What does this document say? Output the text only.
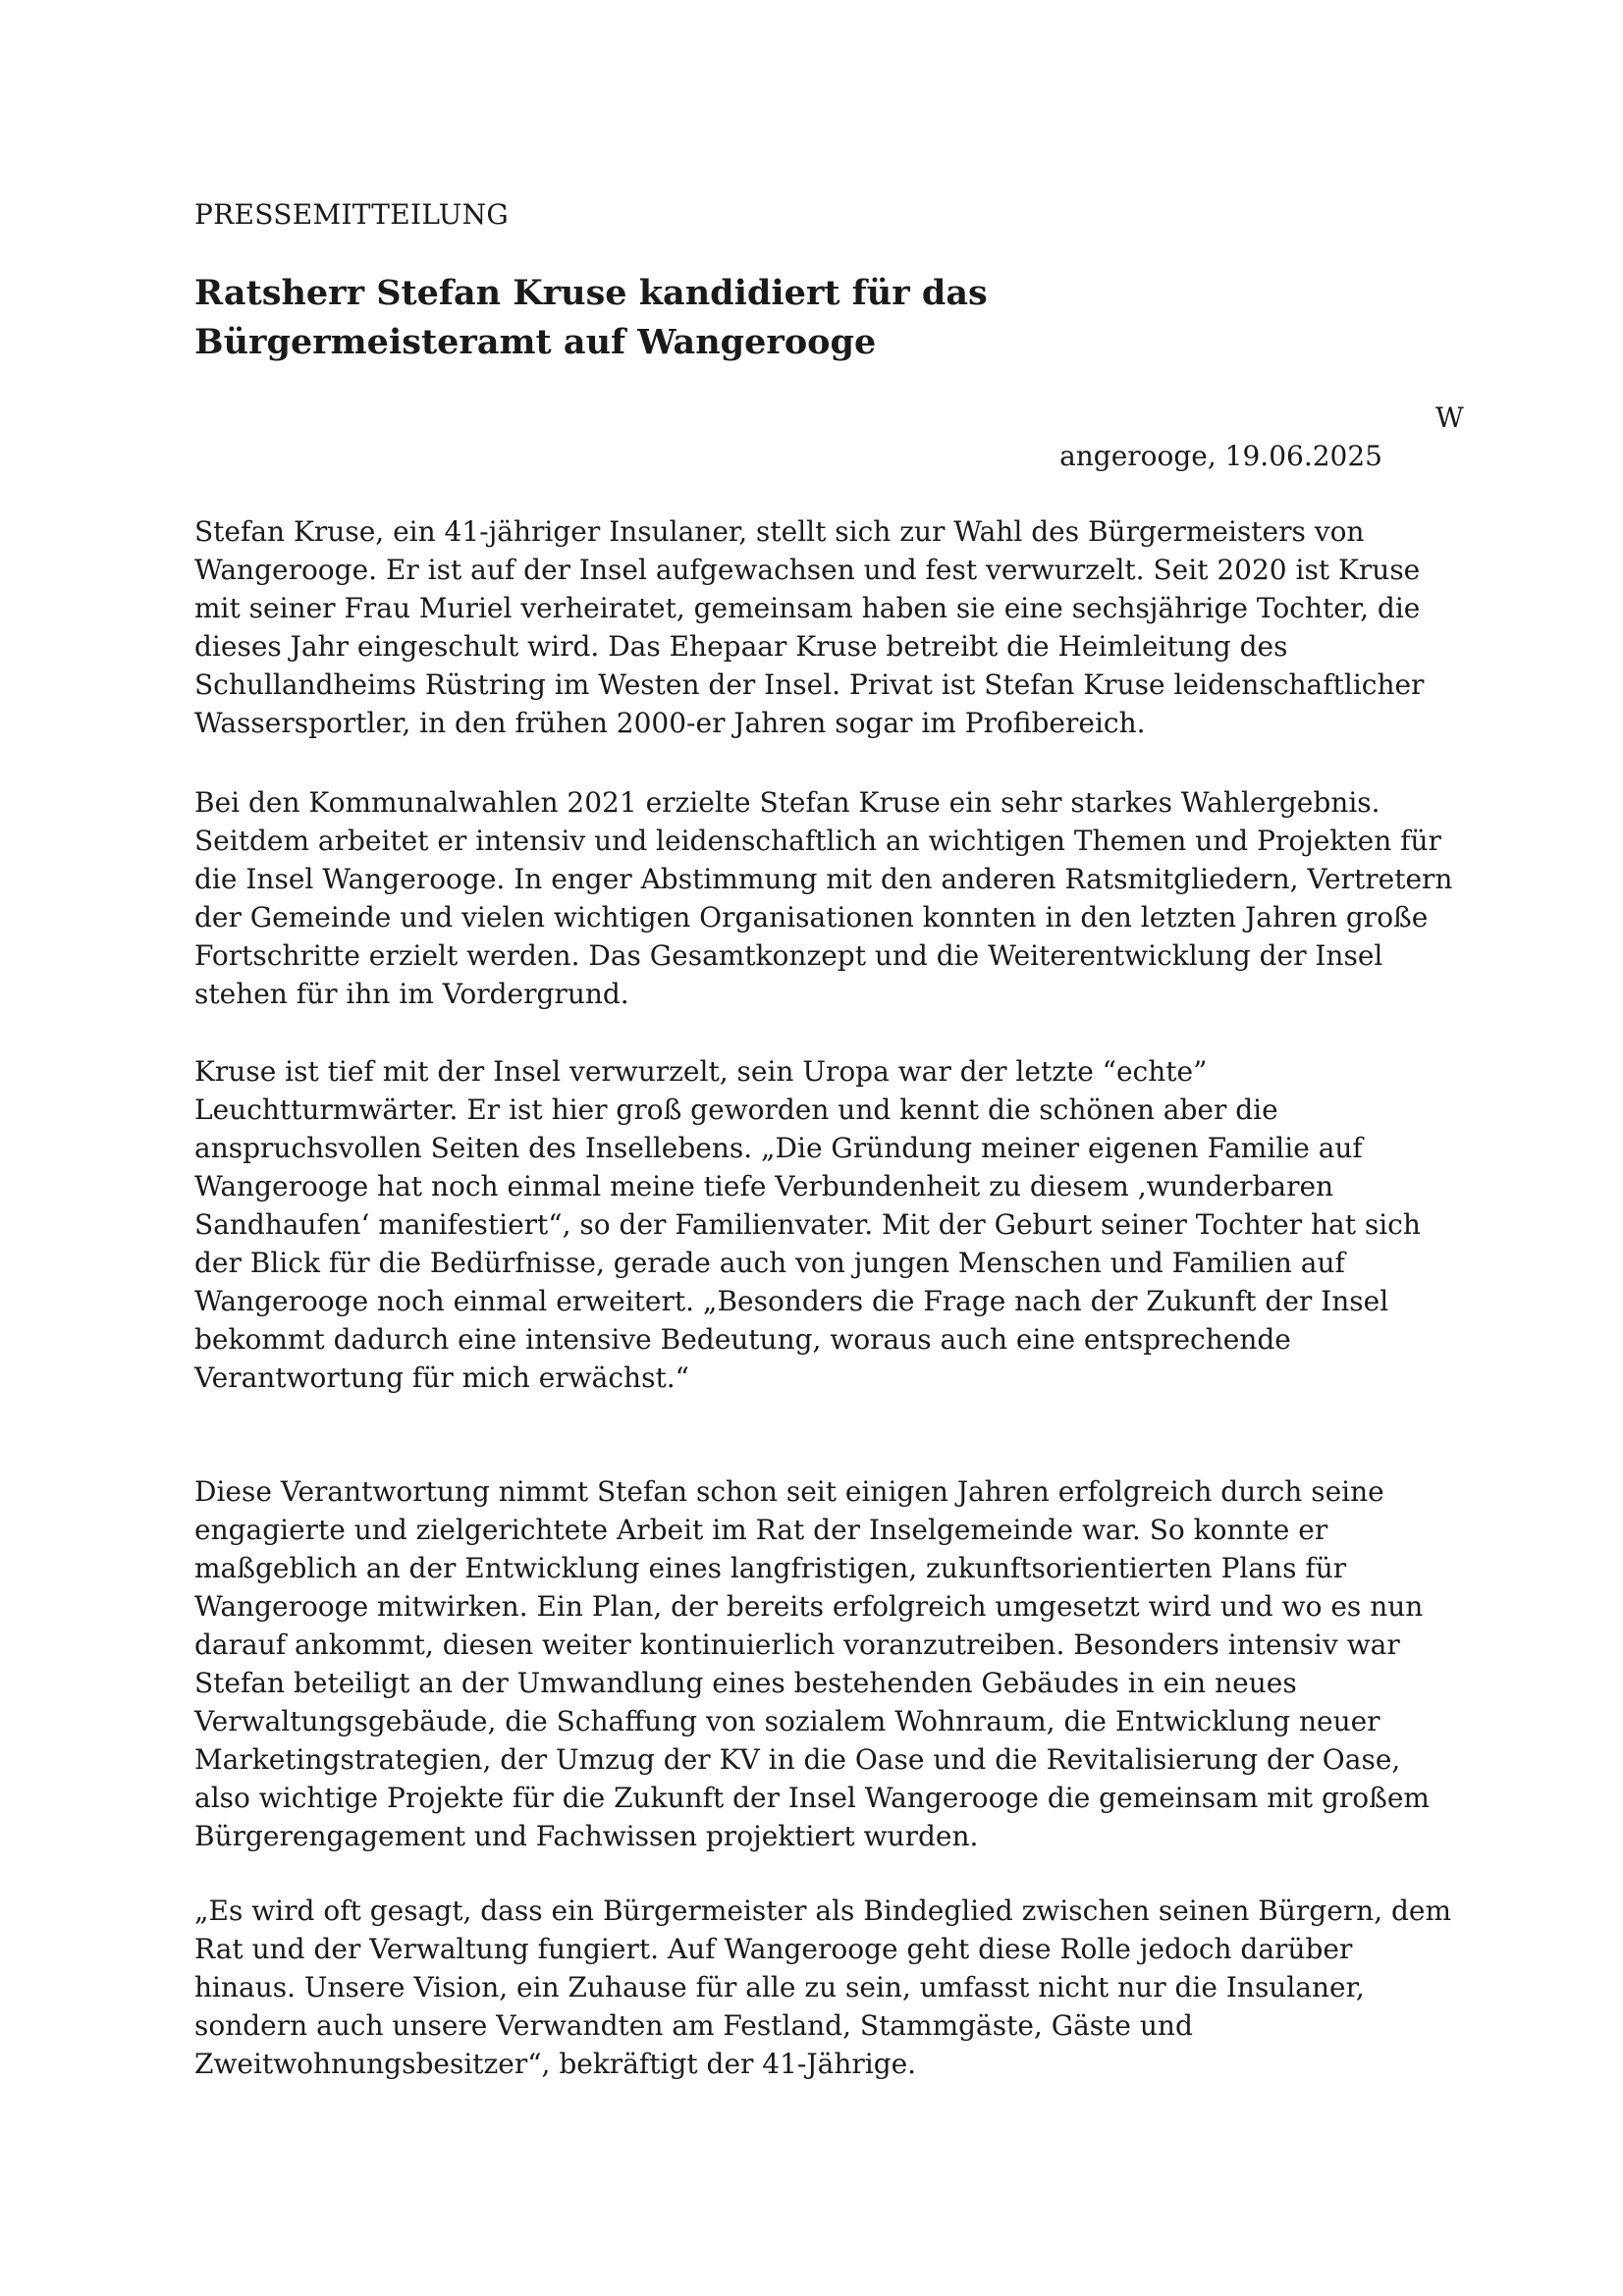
PRESSEMITTEILUNG
Ratsherr Stefan Kruse kandidiert für das Bürgermeisteramt auf Wangerooge
W
angerooge, 19.06.2025

Stefan Kruse, ein 41-jähriger Insulaner, stellt sich zur Wahl des Bürgermeisters von Wangerooge. Er ist auf der Insel aufgewachsen und fest verwurzelt. Seit 2020 ist Kruse mit seiner Frau Muriel verheiratet, gemeinsam haben sie eine sechsjährige Tochter, die dieses Jahr eingeschult wird. Das Ehepaar Kruse betreibt die Heimleitung des Schullandheims Rüstring im Westen der Insel. Privat ist Stefan Kruse leidenschaftlicher Wassersportler, in den frühen 2000-er Jahren sogar im Profibereich.

Bei den Kommunalwahlen 2021 erzielte Stefan Kruse ein sehr starkes Wahlergebnis. Seitdem arbeitet er intensiv und leidenschaftlich an wichtigen Themen und Projekten für die Insel Wangerooge. In enger Abstimmung mit den anderen Ratsmitgliedern, Vertretern der Gemeinde und vielen wichtigen Organisationen konnten in den letzten Jahren große Fortschritte erzielt werden. Das Gesamtkonzept und die Weiterentwicklung der Insel stehen für ihn im Vordergrund.

Kruse ist tief mit der Insel verwurzelt, sein Uropa war der letzte “echte” Leuchtturmwärter. Er ist hier groß geworden und kennt die schönen aber die anspruchsvollen Seiten des Insellebens. „Die Gründung meiner eigenen Familie auf Wangerooge hat noch einmal meine tiefe Verbundenheit zu diesem ‚wunderbaren Sandhaufen‘ manifestiert“, so der Familienvater. Mit der Geburt seiner Tochter hat sich der Blick für die Bedürfnisse, gerade auch von jungen Menschen und Familien auf Wangerooge noch einmal erweitert. „Besonders die Frage nach der Zukunft der Insel bekommt dadurch eine intensive Bedeutung, woraus auch eine entsprechende Verantwortung für mich erwächst.“

Diese Verantwortung nimmt Stefan schon seit einigen Jahren erfolgreich durch seine engagierte und zielgerichtete Arbeit im Rat der Inselgemeinde war. So konnte er maßgeblich an der Entwicklung eines langfristigen, zukunftsorientierten Plans für Wangerooge mitwirken. Ein Plan, der bereits erfolgreich umgesetzt wird und wo es nun darauf ankommt, diesen weiter kontinuierlich voranzutreiben. Besonders intensiv war Stefan beteiligt an der Umwandlung eines bestehenden Gebäudes in ein neues Verwaltungsgebäude, die Schaffung von sozialem Wohnraum, die Entwicklung neuer Marketingstrategien, der Umzug der KV in die Oase und die Revitalisierung der Oase, also wichtige Projekte für die Zukunft der Insel Wangerooge die gemeinsam mit großem Bürgerengagement und Fachwissen projektiert wurden.

„Es wird oft gesagt, dass ein Bürgermeister als Bindeglied zwischen seinen Bürgern, dem Rat und der Verwaltung fungiert. Auf Wangerooge geht diese Rolle jedoch darüber hinaus. Unsere Vision, ein Zuhause für alle zu sein, umfasst nicht nur die Insulaner, sondern auch unsere Verwandten am Festland, Stammgäste, Gäste und Zweitwohnungsbesitzer“, bekräftigt der 41-Jährige.
